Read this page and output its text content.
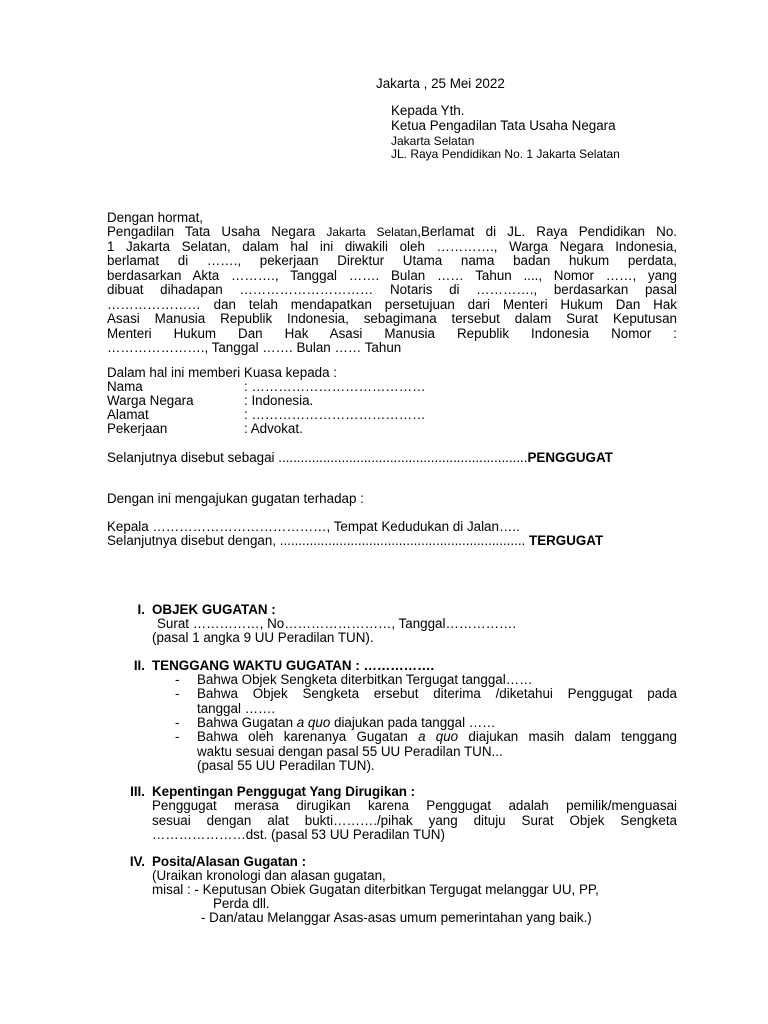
Jakarta , 25 Mei 2022
Kepada Yth.
Ketua Pengadilan Tata Usaha Negara
Jakarta Selatan
JL. Raya Pendidikan No. 1 Jakarta Selatan
Dengan hormat,
Pengadilan Tata Usaha Negara Jakarta Selatan,Berlamat di JL. Raya Pendidikan No.
1 Jakarta Selatan, dalam hal ini diwakili oleh …………., Warga Negara Indonesia,
berlamat di ……., pekerjaan Direktur Utama nama badan hukum perdata,
berdasarkan Akta ………., Tanggal ……. Bulan …… Tahun ...., Nomor ……, yang
dibuat dihadapan ………………………… Notaris di …………., berdasarkan pasal
………………… dan telah mendapatkan persetujuan dari Menteri Hukum Dan Hak
Asasi Manusia Republik Indonesia, sebagimana tersebut dalam Surat Keputusan
Menteri Hukum Dan Hak Asasi Manusia Republik Indonesia Nomor :
…………………., Tanggal ……. Bulan …… Tahun
Dalam hal ini memberi Kuasa kepada :
Nama	: …………………………………
Warga Negara	: Indonesia.
Alamat	: …………………………………
Pekerjaan	: Advokat.
Selanjutnya disebut sebagai ...................................................................PENGGUGAT
Dengan ini mengajukan gugatan terhadap :
Kepala …………………………………, Tempat Kedudukan di Jalan…..
Selanjutnya disebut dengan, .................................................................. TERGUGAT
I. OBJEK GUGATAN :
Surat ……………, No……………………, Tanggal…………….
(pasal 1 angka 9 UU Peradilan TUN).
II. TENGGANG WAKTU GUGATAN : …………….
- Bahwa Objek Sengketa diterbitkan Tergugat tanggal……
- Bahwa Objek Sengketa ersebut diterima /diketahui Penggugat pada
tanggal …….
- Bahwa Gugatan a quo diajukan pada tanggal ……
- Bahwa oleh karenanya Gugatan a quo diajukan masih dalam tenggang
waktu sesuai dengan pasal 55 UU Peradilan TUN...
(pasal 55 UU Peradilan TUN).
III. Kepentingan Penggugat Yang Dirugikan :
Penggugat merasa dirugikan karena Penggugat adalah pemilik/menguasai
sesuai dengan alat bukti………./pihak yang dituju Surat Objek Sengketa
…………………dst. (pasal 53 UU Peradilan TUN)
IV. Posita/Alasan Gugatan :
(Uraikan kronologi dan alasan gugatan,
misal : - Keputusan Obiek Gugatan diterbitkan Tergugat melanggar UU, PP,
Perda dll.
- Dan/atau Melanggar Asas-asas umum pemerintahan yang baik.)
